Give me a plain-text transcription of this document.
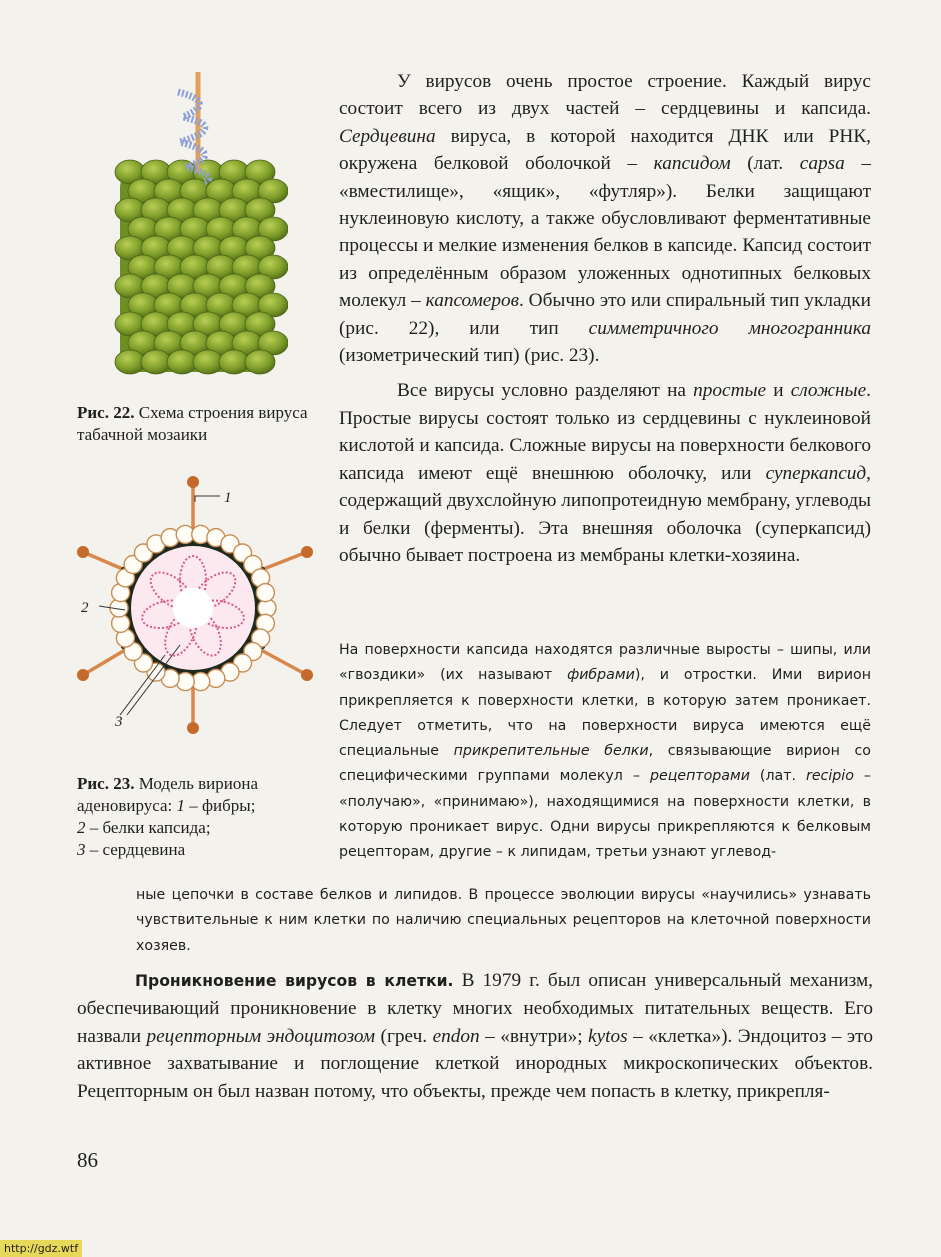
Рис. 22. Схема строения вируса табачной мозаики
1
2
3
Рис. 23. Модель вириона аденовируса: 1 – фибры;
2 – белки капсида;
3 – сердцевина

У вирусов очень простое строение. Каждый вирус состоит всего из двух частей – сердцевины и капсида. Сердцевина вируса, в которой находится ДНК или РНК, окружена белковой оболочкой – капсидом (лат. capsa – «вместилище», «ящик», «футляр»). Белки защищают нуклеиновую кислоту, а также обусловливают ферментативные процессы и мелкие изменения белков в капсиде. Капсид состоит из определённым образом уложенных однотипных белковых молекул – капсомеров. Обычно это или спиральный тип укладки (рис. 22), или тип симметричного многогранника (изометрический тип) (рис. 23).

Все вирусы условно разделяют на простые и сложные. Простые вирусы состоят только из сердцевины с нуклеиновой кислотой и капсида. Сложные вирусы на поверхности белкового капсида имеют ещё внешнюю оболочку, или суперкапсид, содержащий двухслойную липопротеидную мембрану, углеводы и белки (ферменты). Эта внешняя оболочка (суперкапсид) обычно бывает построена из мембраны клетки-хозяина.

На поверхности капсида находятся различные выросты – шипы, или «гвоздики» (их называют фибрами), и отростки. Ими вирион прикрепляется к поверхности клетки, в которую затем проникает. Следует отметить, что на поверхности вируса имеются ещё специальные прикрепительные белки, связывающие вирион со специфическими группами молекул – рецепторами (лат. recipio – «получаю», «принимаю»), находящимися на поверхности клетки, в которую проникает вирус. Одни вирусы прикрепляются к белковым рецепторам, другие – к липидам, третьи узнают углевод-
ные цепочки в составе белков и липидов. В процессе эволюции вирусы «научились» узнавать чувствительные к ним клетки по наличию специальных рецепторов на клеточной поверхности хозяев.

Проникновение вирусов в клетки. В 1979 г. был описан универсальный механизм, обеспечивающий проникновение в клетку многих необходимых питательных веществ. Его назвали рецепторным эндоцитозом (греч. endon – «внутри»; kytos – «клетка»). Эндоцитоз – это активное захватывание и поглощение клеткой инородных микроскопических объектов. Рецепторным он был назван потому, что объекты, прежде чем попасть в клетку, прикрепля-

86
http://gdz.wtf
